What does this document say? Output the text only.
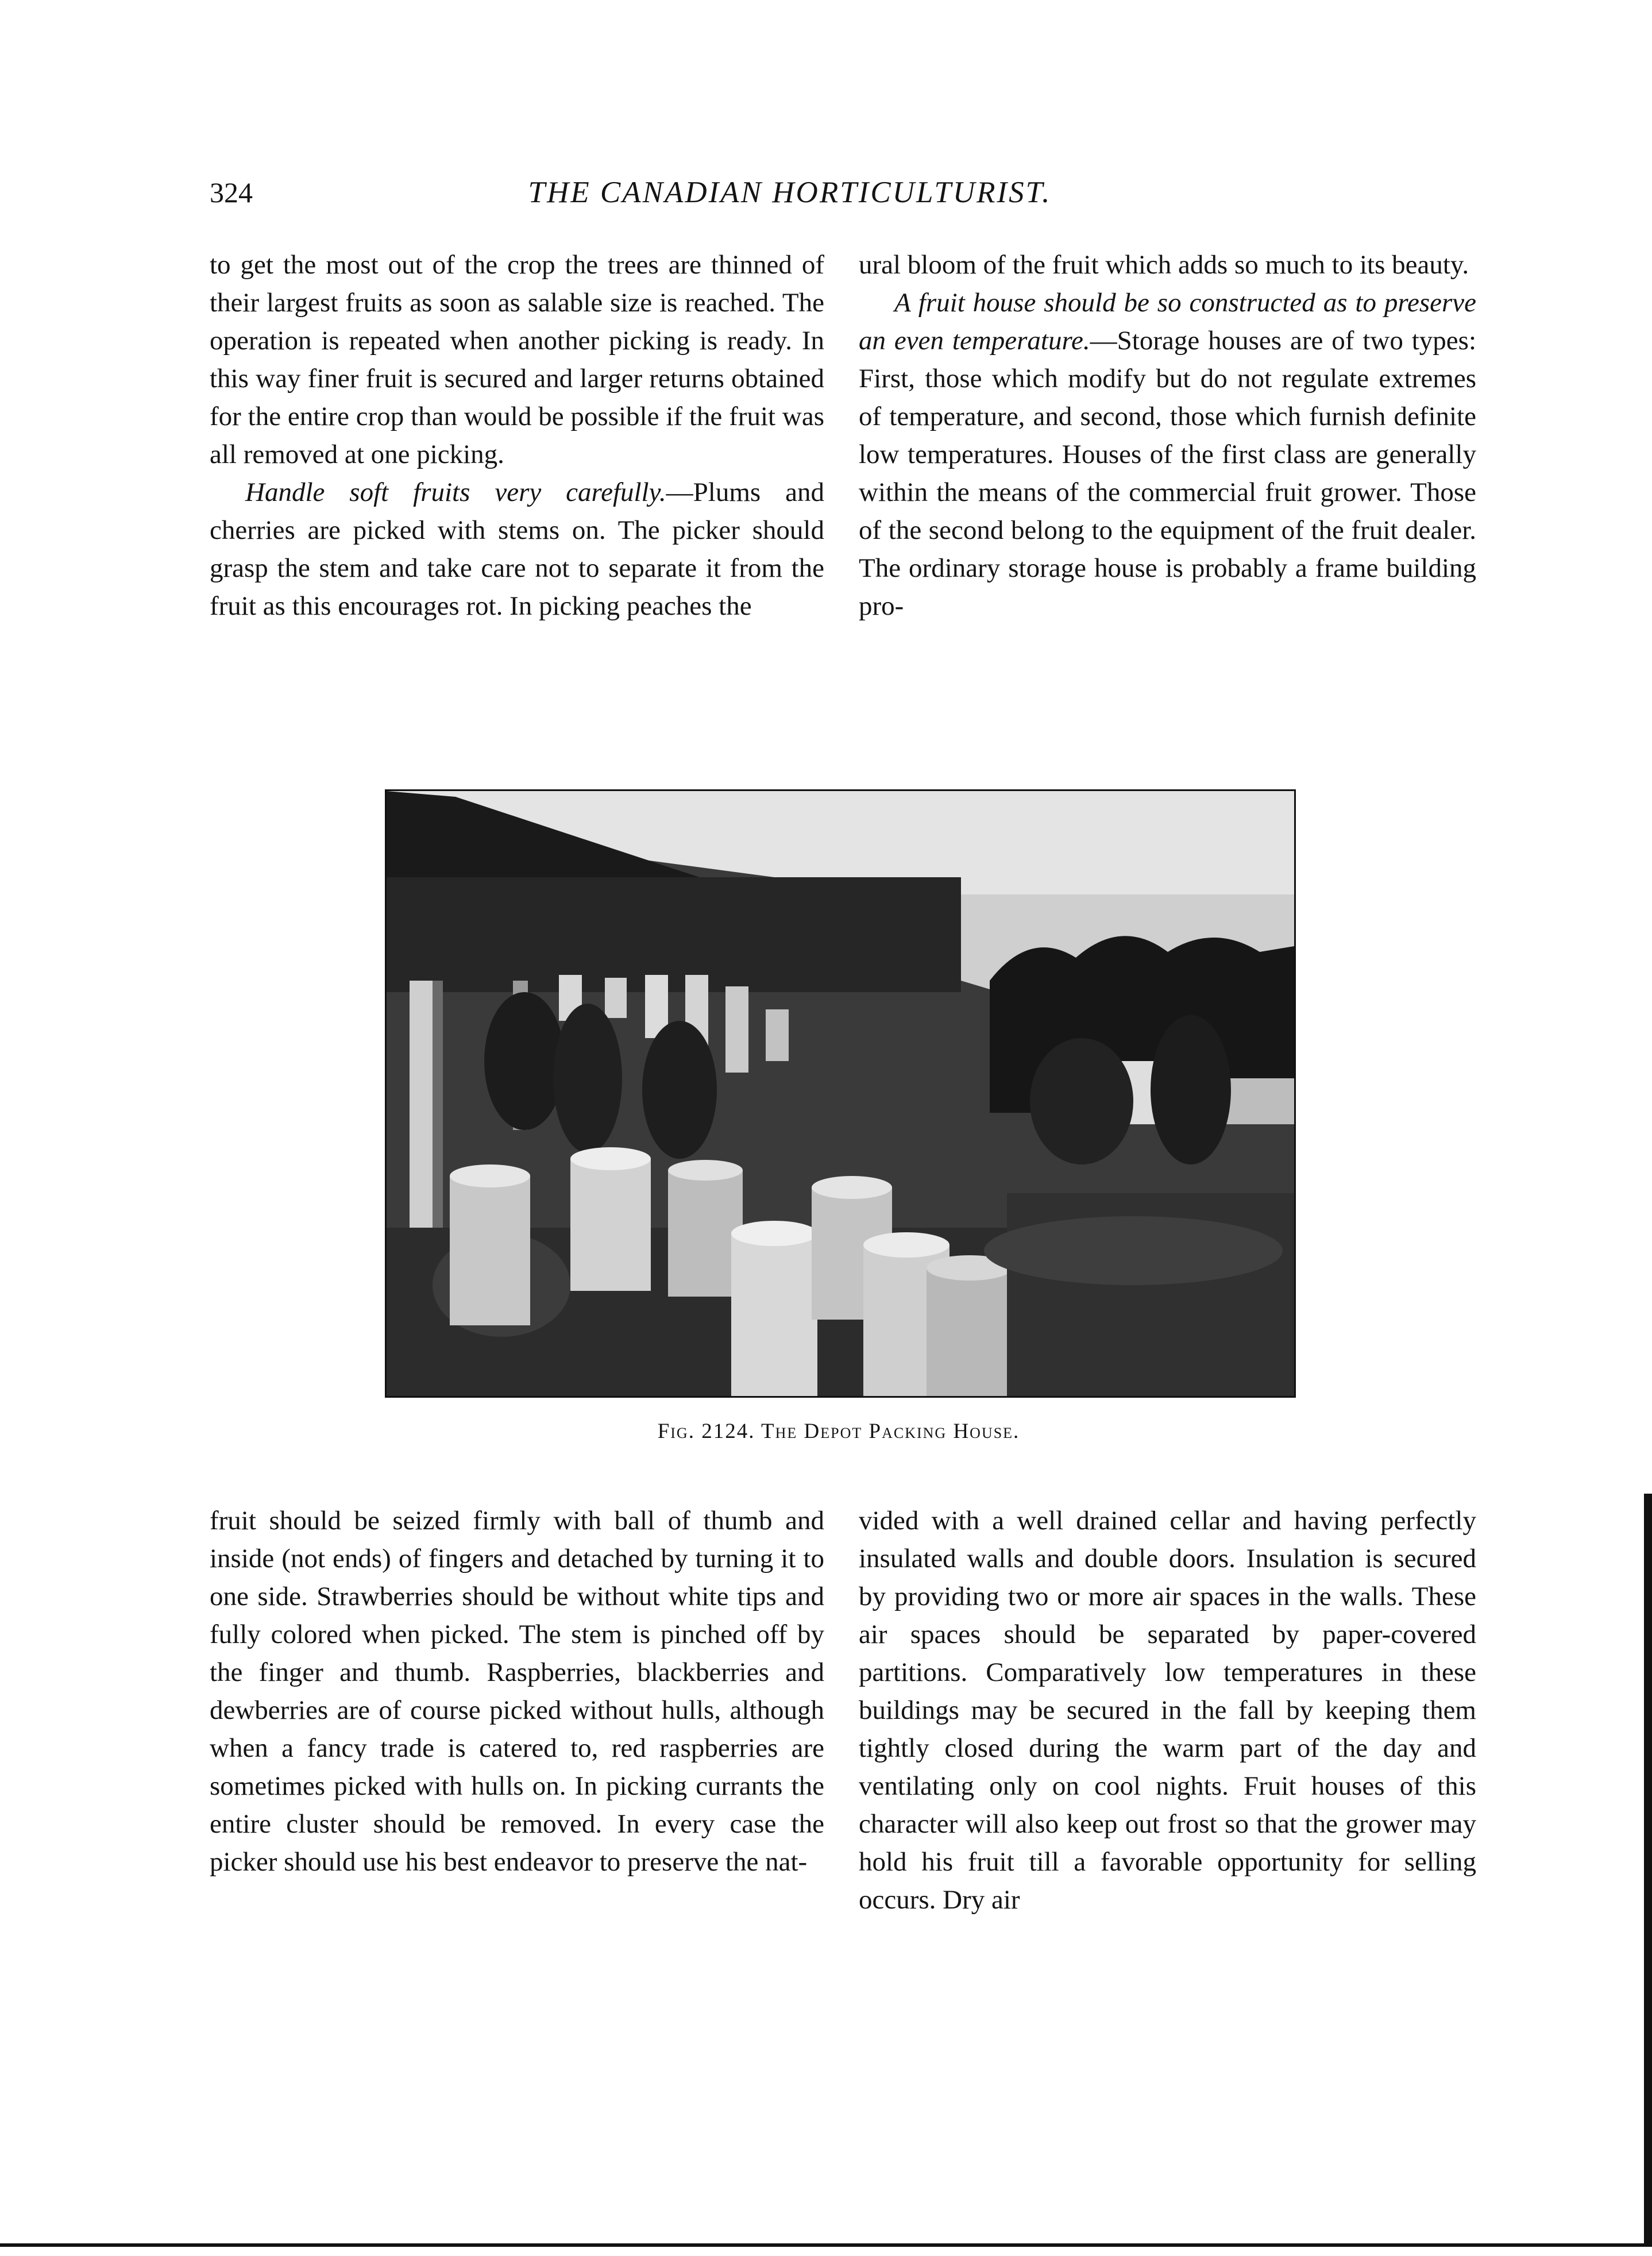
324	THE CANADIAN HORTICULTURIST.

to get the most out of the crop the trees are thinned of their largest fruits as soon as salable size is reached. The operation is repeated when another picking is ready. In this way finer fruit is secured and larger returns obtained for the entire crop than would be possible if the fruit was all removed at one picking.

Handle soft fruits very carefully.—Plums and cherries are picked with stems on. The picker should grasp the stem and take care not to separate it from the fruit as this encourages rot. In picking peaches the

ural bloom of the fruit which adds so much to its beauty.

A fruit house should be so constructed as to preserve an even temperature.—Storage houses are of two types: First, those which modify but do not regulate extremes of temperature, and second, those which furnish definite low temperatures. Houses of the first class are generally within the means of the commercial fruit grower. Those of the second belong to the equipment of the fruit dealer. The ordinary storage house is probably a frame building pro-

Fig. 2124. The Depot Packing House.

fruit should be seized firmly with ball of thumb and inside (not ends) of fingers and detached by turning it to one side. Strawberries should be without white tips and fully colored when picked. The stem is pinched off by the finger and thumb. Raspberries, blackberries and dewberries are of course picked without hulls, although when a fancy trade is catered to, red raspberries are sometimes picked with hulls on. In picking currants the entire cluster should be removed. In every case the picker should use his best endeavor to preserve the nat-

vided with a well drained cellar and having perfectly insulated walls and double doors. Insulation is secured by providing two or more air spaces in the walls. These air spaces should be separated by paper-covered partitions. Comparatively low temperatures in these buildings may be secured in the fall by keeping them tightly closed during the warm part of the day and ventilating only on cool nights. Fruit houses of this character will also keep out frost so that the grower may hold his fruit till a favorable opportunity for selling occurs. Dry air
